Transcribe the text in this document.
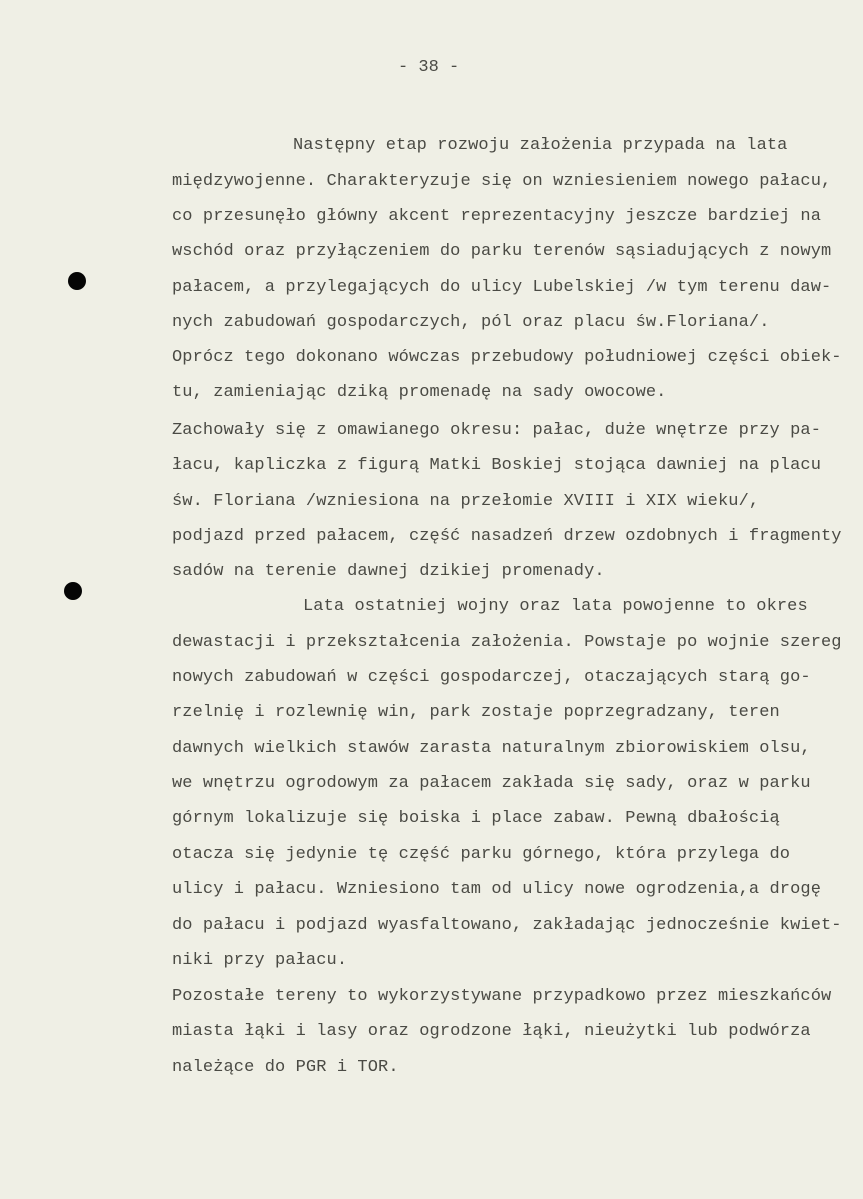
- 38 -
Następny etap rozwoju założenia przypada na lata
międzywojenne. Charakteryzuje się on wzniesieniem nowego pałacu,
co przesunęło główny akcent reprezentacyjny jeszcze bardziej na
wschód oraz przyłączeniem do parku terenów sąsiadujących z nowym
pałacem, a przylegających do ulicy Lubelskiej /w tym terenu daw-
nych zabudowań gospodarczych, pól oraz placu św.Floriana/.
Oprócz tego dokonano wówczas przebudowy południowej części obiek-
tu, zamieniając dziką promenadę na sady owocowe.
Zachowały się z omawianego okresu: pałac, duże wnętrze przy pa-
łacu, kapliczka z figurą Matki Boskiej stojąca dawniej na placu
św. Floriana /wzniesiona na przełomie XVIII i XIX wieku/,
podjazd przed pałacem, część nasadzeń drzew ozdobnych i fragmenty
sadów na terenie dawnej dzikiej promenady.
Lata ostatniej wojny oraz lata powojenne to okres
dewastacji i przekształcenia założenia. Powstaje po wojnie szereg
nowych zabudowań w części gospodarczej, otaczających starą go-
rzelnię i rozlewnię win, park zostaje poprzegradzany, teren
dawnych wielkich stawów zarasta naturalnym zbiorowiskiem olsu,
we wnętrzu ogrodowym za pałacem zakłada się sady, oraz w parku
górnym lokalizuje się boiska i place zabaw. Pewną dbałością
otacza się jedynie tę część parku górnego, która przylega do
ulicy i pałacu. Wzniesiono tam od ulicy nowe ogrodzenia,a drogę
do pałacu i podjazd wyasfaltowano, zakładając jednocześnie kwiet-
niki przy pałacu.
Pozostałe tereny to wykorzystywane przypadkowo przez mieszkańców
miasta łąki i lasy oraz ogrodzone łąki, nieużytki lub podwórza
należące do PGR i TOR.
